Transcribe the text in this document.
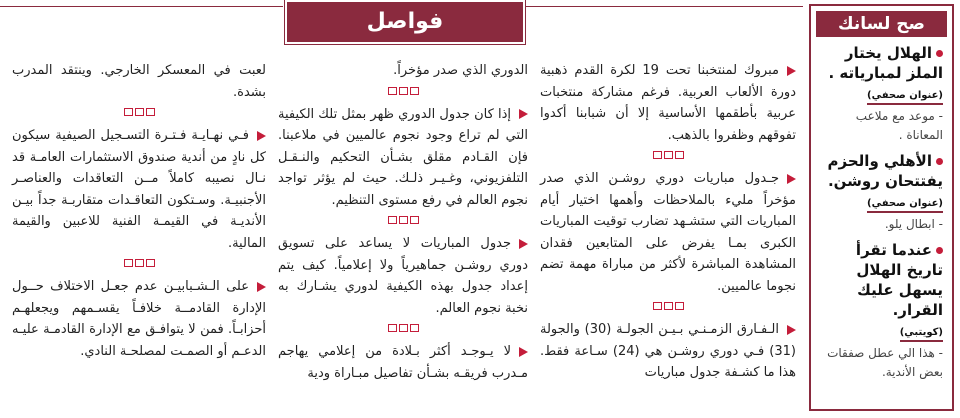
فواصل

مبروك لمنتخبنا تحت 19 لكرة القدم ذهبية دورة الألعاب العربية. فرغم مشاركة منتخبات عربية بأطقمها الأساسية إلا أن شبابنا أكدوا تفوقهم وظفروا بالذهب.

جـدول مباريات دوري روشـن الذي صدر مؤخراً مليء بالملاحظات وأهمها اختيار أيام المباريات التي ستشـهد تضارب توقيت المباريات الكبرى بمـا يفرض على المتابعين فقدان المشاهدة المباشرة لأكثر من مباراة مهمة تضم نجوما عالميين.

الـفـارق الزمـنـي بـيـن الجولـة (30) والجولة (31) فـي دوري روشـن هي (24) سـاعة فقط. هذا ما كشـفة جدول مباريات

الدوري الذي صدر مؤخراً.

إذا كان جدول الدوري ظهر بمثل تلك الكيفية التي لم تراع وجود نجوم عالميين في ملاعبنا. فإن القـادم مقلق بشـأن التحكيم والنـقـل التلفزيوني، وغـيـر ذلـك. حيث لم يؤثر تواجد نجوم العالم في رفع مستوى التنظيم.

جدول المباريات لا يساعد على تسويق دوري روشـن جماهيرياً ولا إعلامياً. كيف يتم إعداد جدول بهذه الكيفية لدوري يشـارك به نخبة نجوم العالم.

لا يـوجـد أكثر بـلادة من إعلامي يهاجم مـدرب فريقـه بشـأن تفاصيل مبـاراة ودية

لعبت في المعسكر الخارجي. وينتقد المدرب بشدة.

فـي نهـايـة فـتـرة التسـجيل الصيفية سيكون كل نادٍ من أندية صندوق الاستثمارات العامـة قد نـال نصيبه كاملاً مــن التعاقدات والعناصـر الأجنبيـة. وسـتكون التعاقـدات متقاربـة جداً بيـن الأنديـة في القيمـة الفنية للاعبين والقيمة المالية.

على الـشـبابيـن عدم جعـل الاختلاف حــول الإدارة القادمــة خلافـاً يقسـمهم ويجعلهـم أحزابـاً. فمن لا يتوافـق مع الإدارة القادمـة عليـه الدعـم أو الصمـت لمصلحـة النادي.

صح لسانك
الهلال يختار الملز لمبارياته .
(عنوان صحفي)
- موعد مع ملاعب المعاناة .
الأهلي والحزم يفتتحان روشن.
(عنوان صحفي)
- ابطال يلو.
عندما تقرأ تاريخ الهلال يسهل عليك القرار.
(كويتبي)
- هذا الي عطل صفقات بعض الأندية.
